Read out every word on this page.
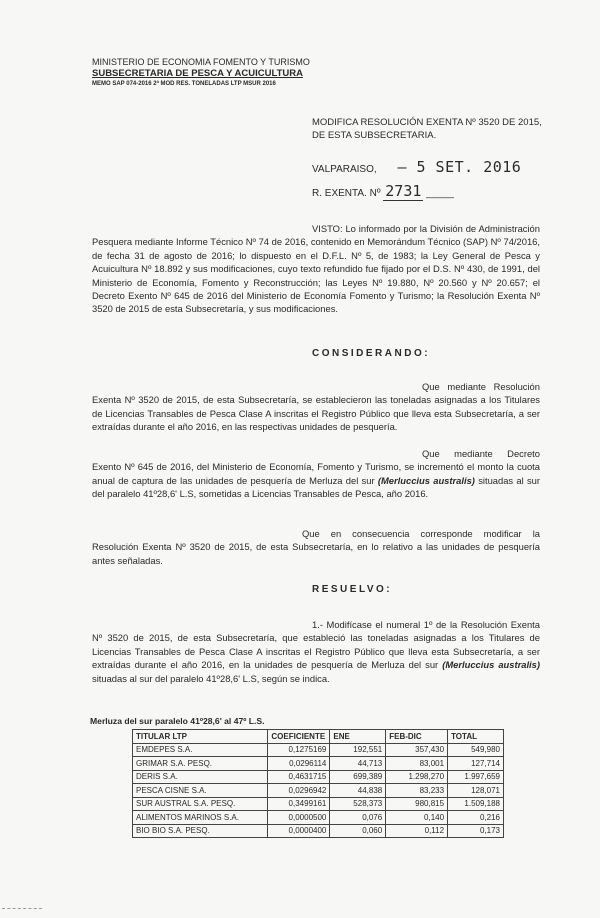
MINISTERIO DE ECONOMIA FOMENTO Y TURISMO
SUBSECRETARIA DE PESCA Y ACUICULTURA
MEMO SAP 074-2016 2ª MOD RES. TONELADAS LTP MSUR 2016
MODIFICA RESOLUCIÓN EXENTA Nº 3520 DE 2015, DE ESTA SUBSECRETARIA.
VALPARAISO, – 5 SET. 2016
R. EXENTA. Nº 2731 _____
VISTO: Lo informado por la División de Administración Pesquera mediante Informe Técnico Nº 74 de 2016, contenido en Memorándum Técnico (SAP) Nº 74/2016, de fecha 31 de agosto de 2016; lo dispuesto en el D.F.L. Nº 5, de 1983; la Ley General de Pesca y Acuicultura Nº 18.892 y sus modificaciones, cuyo texto refundido fue fijado por el D.S. Nº 430, de 1991, del Ministerio de Economía, Fomento y Reconstrucción; las Leyes Nº 19.880, Nº 20.560 y Nº 20.657; el Decreto Exento Nº 645 de 2016 del Ministerio de Economía Fomento y Turismo; la Resolución Exenta Nº 3520 de 2015 de esta Subsecretaría, y sus modificaciones.
CONSIDERANDO:
Que mediante Resolución Exenta Nº 3520 de 2015, de esta Subsecretaría, se establecieron las toneladas asignadas a los Titulares de Licencias Transables de Pesca Clase A inscritas el Registro Público que lleva esta Subsecretaría, a ser extraídas durante el año 2016, en las respectivas unidades de pesquería.
Que mediante Decreto Exento Nº 645 de 2016, del Ministerio de Economía, Fomento y Turismo, se incrementó el monto la cuota anual de captura de las unidades de pesquería de Merluza del sur (Merluccius australis) situadas al sur del paralelo 41º28,6' L.S, sometidas a Licencias Transables de Pesca, año 2016.
Que en consecuencia corresponde modificar la Resolución Exenta Nº 3520 de 2015, de esta Subsecretaría, en lo relativo a las unidades de pesquería antes señaladas.
RESUELVO:
1.- Modifícase el numeral 1º de la Resolución Exenta Nº 3520 de 2015, de esta Subsecretaría, que estableció las toneladas asignadas a los Titulares de Licencias Transables de Pesca Clase A inscritas el Registro Público que lleva esta Subsecretaría, a ser extraídas durante el año 2016, en la unidades de pesquería de Merluza del sur (Merluccius australis) situadas al sur del paralelo 41º28,6' L.S, según se indica.
Merluza del sur paralelo 41º28,6' al 47º L.S.
TITULAR LTP	COEFICIENTE	ENE	FEB-DIC	TOTAL
EMDEPES S.A.	0,1275169	192,551	357,430	549,980
GRIMAR S.A. PESQ.	0,0296114	44,713	83,001	127,714
DERIS S.A.	0,4631715	699,389	1.298,270	1.997,659
PESCA CISNE S.A.	0,0296942	44,838	83,233	128,071
SUR AUSTRAL S.A. PESQ.	0,3499161	528,373	980,815	1.509,188
ALIMENTOS MARINOS S.A.	0,0000500	0,076	0,140	0,216
BIO BIO S.A. PESQ.	0,0000400	0,060	0,112	0,173
